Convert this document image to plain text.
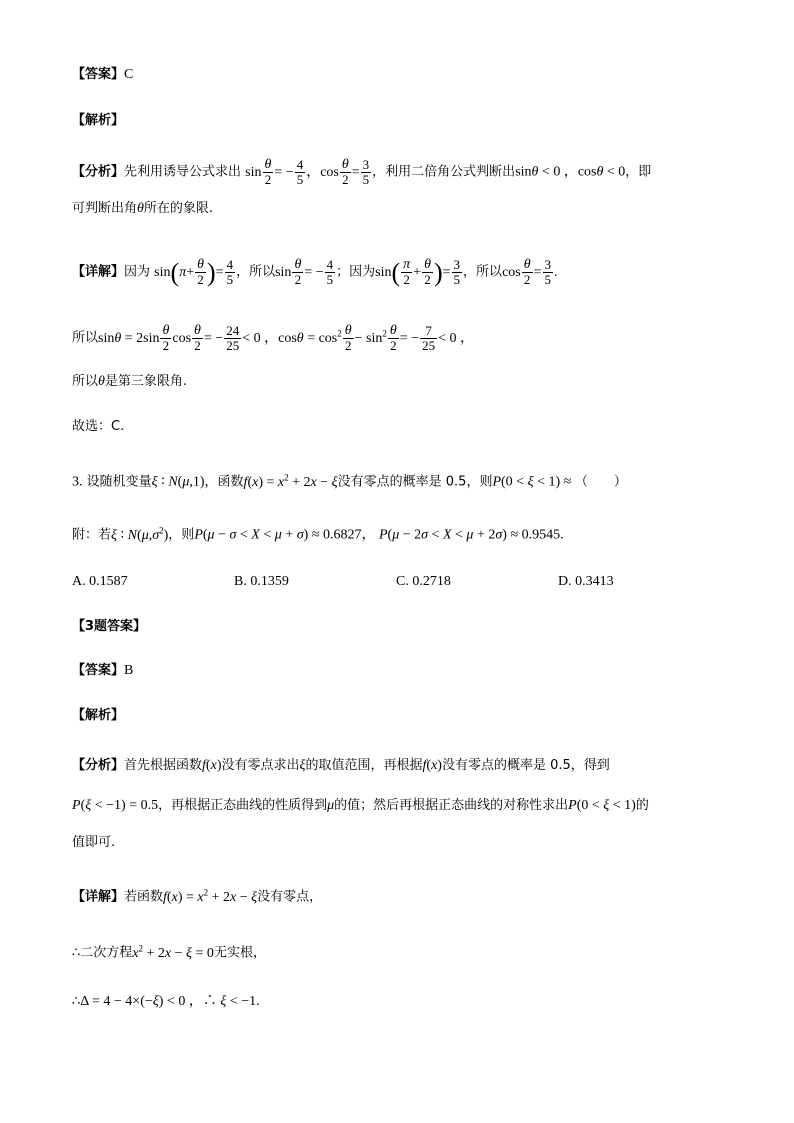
【答案】C
【解析】
【分析】先利用诱导公式求出 $\sin \frac{\theta}{2}$ = − $\frac{4}{5}$ ，$\cos \frac{\theta}{2} = \frac{3}{5}$ ，利用二倍角公式判断出sinθ < 0 ，cosθ < 0，即
可判断出角θ所在的象限.
【详解】因为 $\sin(\pi+ \frac{\theta}{2}$ )= $\frac{4}{5}$ ，所以$\sin \frac{\theta}{2}$ = − $\frac{4}{5}$ ；因为$\sin( \frac{\pi}{2} + \frac{\theta}{2}$ )= $\frac{3}{5}$ ，所以$\cos \frac{\theta}{2} = \frac{3}{5}$ .
所以$\sin\theta = 2\sin \frac{\theta}{2}$ $\cos \frac{\theta}{2}$ = − $\frac{24}{25} < 0$ ，$\cos\theta = \cos^2 \frac{\theta}{2} - \sin^2 \frac{\theta}{2}$ = − $\frac{7}{25} < 0$ ，
所以θ是第三象限角.
故选：C.
3. 设随机变量ξ ∶ N(μ,1)，函数$f(x) = x^2 + 2x - \xi$没有零点的概率是 0.5，则P(0 < ξ < 1) ≈ （　　）
附：若ξ ∶ $N(\mu,\sigma^2)$，则P(μ − σ < X < μ + σ) ≈ 0.6827， P(μ − 2σ < X < μ + 2σ) ≈ 0.9545.
A. 0.1587	B. 0.1359	C. 0.2718	D. 0.3413
【3题答案】
【答案】B
【解析】
【分析】首先根据函数f(x)没有零点求出ξ的取值范围，再根据f(x)没有零点的概率是 0.5，得到
P(ξ < −1) = 0.5，再根据正态曲线的性质得到μ的值；然后再根据正态曲线的对称性求出P(0 < ξ < 1)的
值即可.
【详解】若函数$f(x) = x^2 + 2x - \xi$没有零点，
∴二次方程$x^2 + 2x - \xi = 0$无实根，
∴Δ = 4 − 4×(−ξ) < 0 ，∴ ξ < −1.
